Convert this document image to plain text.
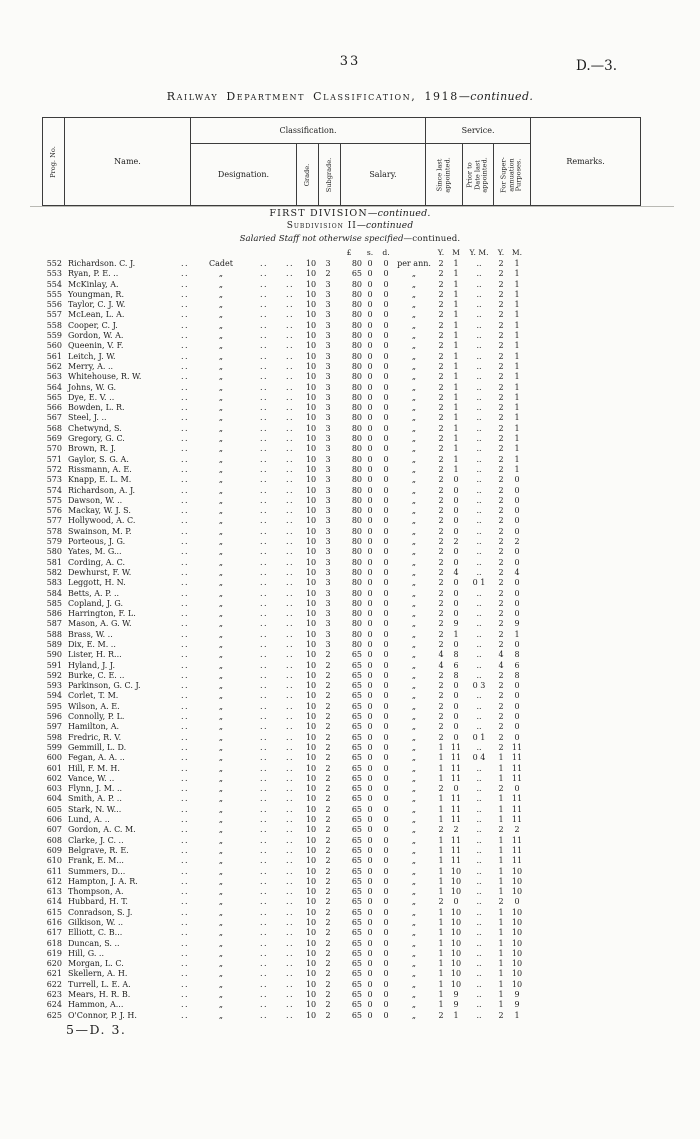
33	D.—3.
Railway Department Classification, 1918—continued.
Prog. No.	Name.	Classification.				Service.			Remarks.
		Designation.	Grade.	Subgrade.	Salary.	Since last appointed.	Prior to Date last appointed.	For Super-annuation Purposes.	
FIRST DIVISION—continued.
Subdivision II—continued
Salaried Staff not otherwise specified—continued.
£	s.	d.	Y.	M	Y. M.	Y.	M.
552 Richardson. C. J.	..	Cadet	..	..	10	3	80 0	0	per ann. 2	1	..	2	1
553 Ryan, P. E. ..	..	„	..	..	10	2	65 0	0	„	2	1	..	2	1
554 McKinlay, A.	..	„	..	..	10	3	80 0	0	„	2	1	..	2	1
555 Youngman, R.	..	„	..	..	10	3	80 0	0	„	2	1	..	2	1
556 Taylor, C. J. W.	..	„	..	..	10	3	80 0	0	„	2	1	..	2	1
557 McLean, L. A.	..	„	..	..	10	3	80 0	0	„	2	1	..	2	1
558 Cooper, C. J.	..	„	..	..	10	3	80 0	0	„	2	1	..	2	1
559 Gordon, W. A.	..	„	..	..	10	3	80 0	0	„	2	1	..	2	1
560 Queenin, V. F.	..	„	..	..	10	3	80 0	0	„	2	1	..	2	1
561 Leitch, J. W.	..	„	..	..	10	3	80 0	0	„	2	1	..	2	1
562 Merry, A. ..	..	„	..	..	10	3	80 0	0	„	2	1	..	2	1
563 Whitehouse, R. W.	..	„	..	..	10	3	80 0	0	„	2	1	..	2	1
564 Johns, W. G.	..	„	..	..	10	3	80 0	0	„	2	1	..	2	1
565 Dye, E. V. ..	..	„	..	..	10	3	80 0	0	„	2	1	..	2	1
566 Bowden, L. R.	..	„	..	..	10	3	80 0	0	„	2	1	..	2	1
567 Steel, J. ..	..	„	..	..	10	3	80 0	0	„	2	1	..	2	1
568 Chetwynd, S.	..	„	..	..	10	3	80 0	0	„	2	1	..	2	1
569 Gregory, G. C.	..	„	..	..	10	3	80 0	0	„	2	1	..	2	1
570 Brown, R. J.	..	„	..	..	10	3	80 0	0	„	2	1	..	2	1
571 Gaylor, S. G. A.	..	„	..	..	10	3	80 0	0	„	2	1	..	2	1
572 Rissmann, A. E.	..	„	..	..	10	3	80 0	0	„	2	1	..	2	1
573 Knapp, E. L. M.	..	„	..	..	10	3	80 0	0	„	2	0	..	2	0
574 Richardson, A. J.	..	„	..	..	10	3	80 0	0	„	2	0	..	2	0
575 Dawson, W. ..	..	„	..	..	10	3	80 0	0	„	2	0	..	2	0
576 Mackay, W. J. S.	..	„	..	..	10	3	80 0	0	„	2	0	..	2	0
577 Hollywood, A. C.	..	„	..	..	10	3	80 0	0	„	2	0	..	2	0
578 Swainson, M. P.	..	„	..	..	10	3	80 0	0	„	2	0	..	2	0
579 Porteous, J. G.	..	„	..	..	10	3	80 0	0	„	2	2	..	2	2
580 Yates, M. G...	..	„	..	..	10	3	80 0	0	„	2	0	..	2	0
581 Cording, A. C.	..	„	..	..	10	3	80 0	0	„	2	0	..	2	0
582 Dewhurst, F. W.	..	„	..	..	10	3	80 0	0	„	2	4	..	2	4
583 Leggott, H. N.	..	„	..	..	10	3	80 0	0	„	2	0	0 1	2	0
584 Betts, A. P. ..	..	„	..	..	10	3	80 0	0	„	2	0	..	2	0
585 Copland, J. G.	..	„	..	..	10	3	80 0	0	„	2	0	..	2	0
586 Harrington, F. L.	..	„	..	..	10	3	80 0	0	„	2	0	..	2	0
587 Mason, A. G. W.	..	„	..	..	10	3	80 0	0	„	2	9	..	2	9
588 Brass, W. ..	..	„	..	..	10	3	80 0	0	„	2	1	..	2	1
589 Dix, E. M. ..	..	„	..	..	10	3	80 0	0	„	2	0	..	2	0
590 Lister, H. R...	..	„	..	..	10	2	65 0	0	„	4	8	..	4	8
591 Hyland, J. J.	..	„	..	..	10	2	65 0	0	„	4	6	..	4	6
592 Burke, C. E. ..	..	„	..	..	10	2	65 0	0	„	2	8	..	2	8
593 Parkinson, G. C. J.	..	„	..	..	10	2	65 0	0	„	2	0	0 3	2	0
594 Corlet, T. M.	..	„	..	..	10	2	65 0	0	„	2	0	..	2	0
595 Wilson, A. E.	..	„	..	..	10	2	65 0	0	„	2	0	..	2	0
596 Connolly, P. L.	..	„	..	..	10	2	65 0	0	„	2	0	..	2	0
597 Hamilton, A.	..	„	..	..	10	2	65 0	0	„	2	0	..	2	0
598 Fredric, R. V.	..	„	..	..	10	2	65 0	0	„	2	0	0 1	2	0
599 Gemmill, L. D.	..	„	..	..	10	2	65 0	0	„	1 11	..	2	11
600 Fegan, A. A. ..	..	„	..	..	10	2	65 0	0	„	1 11	0 4	1	11
601 Hill, F. M. H.	..	„	..	..	10	2	65 0	0	„	1 11	..	1	11
602 Vance, W. ..	..	„	..	..	10	2	65 0	0	„	1 11	..	1	11
603 Flynn, J. M. ..	..	„	..	..	10	2	65 0	0	„	2	0	..	2	0
604 Smith, A. P. ..	..	„	..	..	10	2	65 0	0	„	1 11	..	1	11
605 Stark, N. W...	..	„	..	..	10	2	65 0	0	„	1 11	..	1	11
606 Lund, A. ..	..	„	..	..	10	2	65 0	0	„	1 11	..	1	11
607 Gordon, A. C. M.	..	„	..	..	10	2	65 0	0	„	2	2	..	2	2
608 Clarke, J. C. ..	..	„	..	..	10	2	65 0	0	„	1 11	..	1	11
609 Belgrave, R. E.	..	„	..	..	10	2	65 0	0	„	1 11	..	1	11
610 Frank, E. M...	..	„	..	..	10	2	65 0	0	„	1 11	..	1	11
611 Summers, D...	..	„	..	..	10	2	65 0	0	„	1 10	..	1	10
612 Hampton, J. A. R.	..	„	..	..	10	2	65 0	0	„	1 10	..	1	10
613 Thompson, A.	..	„	..	..	10	2	65 0	0	„	1 10	..	1	10
614 Hubbard, H. T.	..	„	..	..	10	2	65 0	0	„	2	0	..	2	0
615 Conradson, S. J.	..	„	..	..	10	2	65 0	0	„	1 10	..	1	10
616 Gilkison, W. ..	..	„	..	..	10	2	65 0	0	„	1 10	..	1	10
617 Elliott, C. B...	..	„	..	..	10	2	65 0	0	„	1 10	..	1	10
618 Duncan, S. ..	..	„	..	..	10	2	65 0	0	„	1 10	..	1	10
619 Hill, G. ..	..	„	..	..	10	2	65 0	0	„	1 10	..	1	10
620 Morgan, L. C.	..	„	..	..	10	2	65 0	0	„	1 10	..	1	10
621 Skellern, A. H.	..	„	..	..	10	2	65 0	0	„	1 10	..	1	10
622 Turrell, L. E. A.	..	„	..	..	10	2	65 0	0	„	1 10	..	1	10
623 Mears, H. R. B.	..	„	..	..	10	2	65 0	0	„	1	9	..	1	9
624 Hammon, A...	..	„	..	..	10	2	65 0	0	„	1	9	..	1	9
625 O'Connor, P. J. H.	..	„	..	..	10	2	65 0	0	„	2	1	..	2	1
5—D. 3.
